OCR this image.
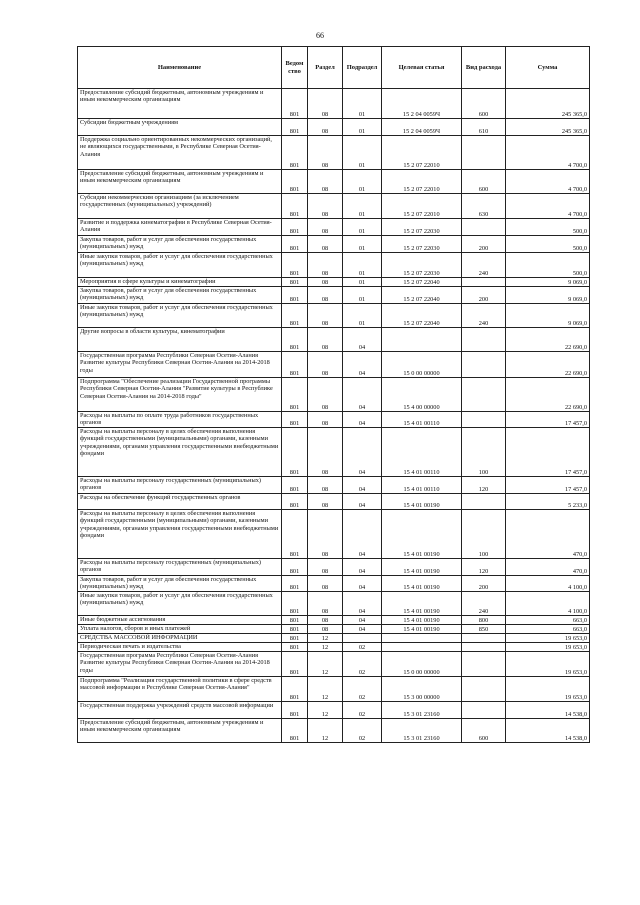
66
Наименование	Ведом ство	Раздел	Подраздел	Целевая статья	Вид расхода	Сумма
Предоставление субсидий бюджетным, автономным учреждениям и иным некоммерческим организациям	801	08	01	15 2 04 0059Ч	600	245 365,0
Субсидии бюджетным учреждениям	801	08	01	15 2 04 0059Ч	610	245 365,0
Поддержка социально ориентированных некоммерческих организаций, не являющихся государственными, в Республике Северная Осетия-Алания	801	08	01	15 2 07 22010		4 700,0
Предоставление субсидий бюджетным, автономным учреждениям и иным некоммерческим организациям	801	08	01	15 2 07 22010	600	4 700,0
Субсидии некоммерческим организациям (за исключением государственных (муниципальных) учреждений)	801	08	01	15 2 07 22010	630	4 700,0
Развитие и поддержка кинематографии в Республике Северная Осетия-Алания	801	08	01	15 2 07 22030		500,0
Закупка товаров, работ и услуг для обеспечения государственных (муниципальных) нужд	801	08	01	15 2 07 22030	200	500,0
Иные закупки товаров, работ и услуг для обеспечения государственных (муниципальных) нужд	801	08	01	15 2 07 22030	240	500,0
Мероприятия в сфере культуры и кинематографии	801	08	01	15 2 07 22040		9 069,0
Закупка товаров, работ и услуг для обеспечения государственных (муниципальных) нужд	801	08	01	15 2 07 22040	200	9 069,0
Иные закупки товаров, работ и услуг для обеспечения государственных (муниципальных) нужд	801	08	01	15 2 07 22040	240	9 069,0
Другие вопросы в области культуры, кинематографии	801	08	04			22 690,0
Государственная программа Республики Северная Осетия-Алания Развитие культуры Республики Северная Осетия-Алания на 2014-2018 годы	801	08	04	15 0 00 00000		22 690,0
Подпрограмма "Обеспечение реализации Государственной программы Республики Северная Осетия-Алания "Развитие культуры в Республике Северная Осетия-Алания на 2014-2018 годы"	801	08	04	15 4 00 00000		22 690,0
Расходы на выплаты по оплате труда работников государственных органов	801	08	04	15 4 01 00110		17 457,0
Расходы на выплаты персоналу в целях обеспечения выполнения функций государственными (муниципальными) органами, казенными учреждениями, органами управления государственными внебюджетными фондами	801	08	04	15 4 01 00110	100	17 457,0
Расходы на выплаты персоналу государственных (муниципальных) органов	801	08	04	15 4 01 00110	120	17 457,0
Расходы на обеспечение функций государственных органов	801	08	04	15 4 01 00190		5 233,0
Расходы на выплаты персоналу в целях обеспечения выполнения функций государственными (муниципальными) органами, казенными учреждениями, органами управления государственными внебюджетными фондами	801	08	04	15 4 01 00190	100	470,0
Расходы на выплаты персоналу государственных (муниципальных) органов	801	08	04	15 4 01 00190	120	470,0
Закупка товаров, работ и услуг для обеспечения государственных (муниципальных) нужд	801	08	04	15 4 01 00190	200	4 100,0
Иные закупки товаров, работ и услуг для обеспечения государственных (муниципальных) нужд	801	08	04	15 4 01 00190	240	4 100,0
Иные бюджетные ассигнования	801	08	04	15 4 01 00190	800	663,0
Уплата налогов, сборов и иных платежей	801	08	04	15 4 01 00190	850	663,0
СРЕДСТВА МАССОВОЙ ИНФОРМАЦИИ	801	12				19 653,0
Периодическая печать и издательства	801	12	02			19 653,0
Государственная программа Республики Северная Осетия-Алания Развитие культуры Республики Северная Осетия-Алания на 2014-2018 годы	801	12	02	15 0 00 00000		19 653,0
Подпрограмма "Реализация государственной политики в сфере средств массовой информации в Республике Северная Осетия-Алания"	801	12	02	15 3 00 00000		19 653,0
Государственная поддержка учреждений средств массовой информации	801	12	02	15 3 01 23160		14 538,0
Предоставление субсидий бюджетным, автономным учреждениям и иным некоммерческим организациям	801	12	02	15 3 01 23160	600	14 538,0
